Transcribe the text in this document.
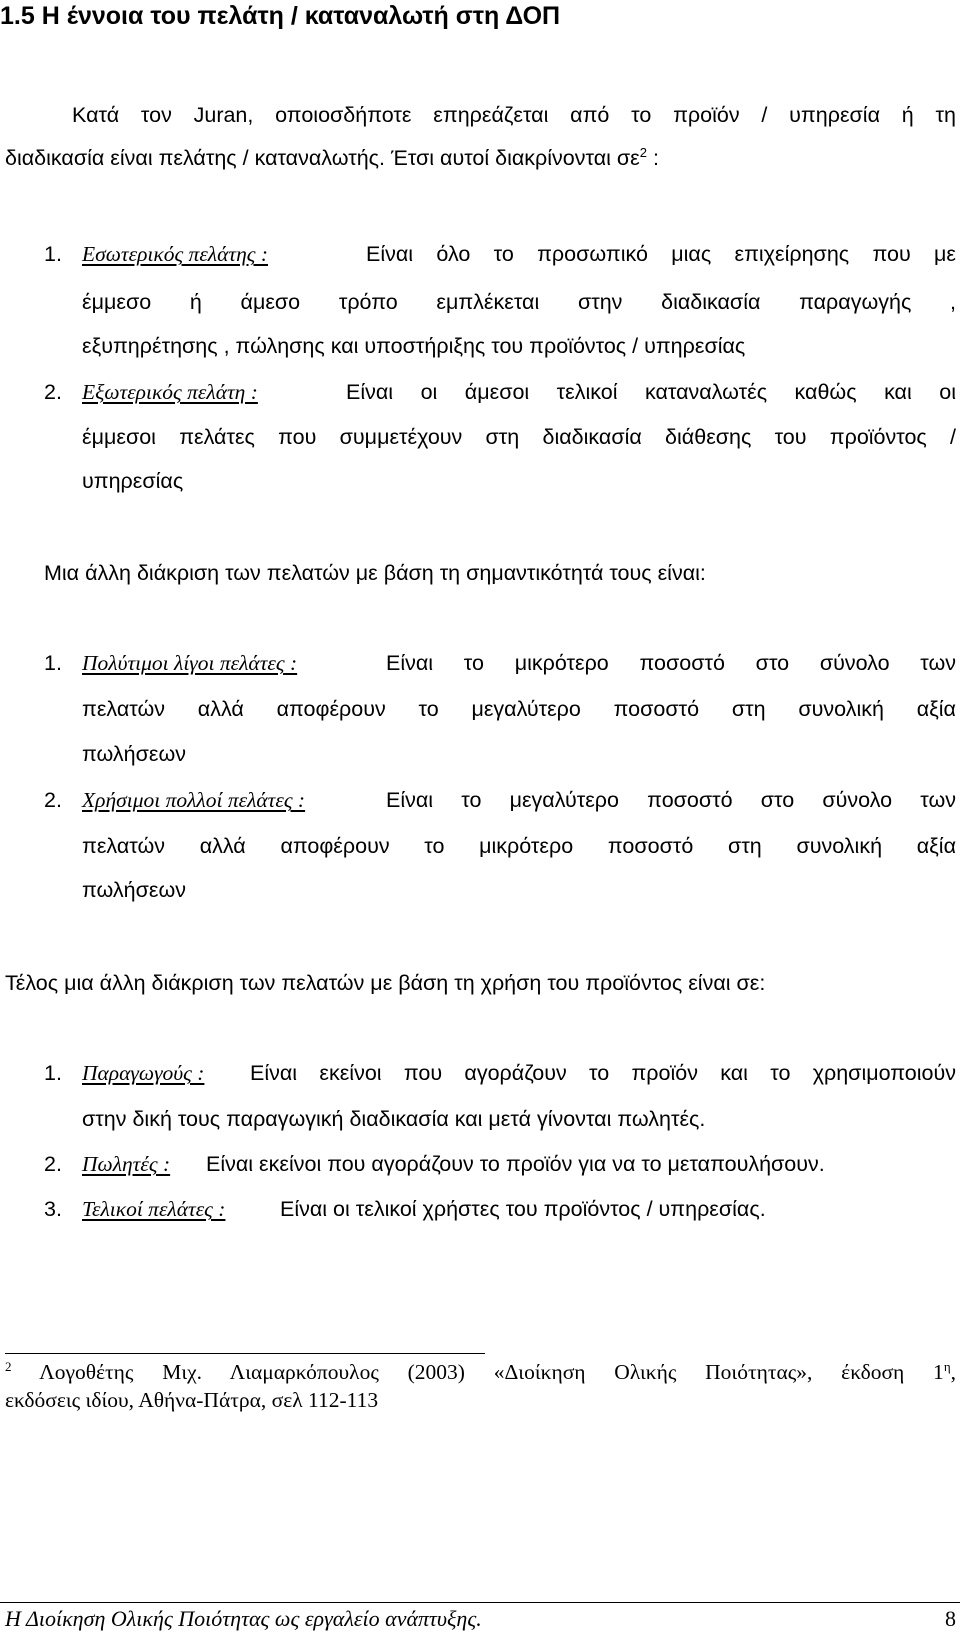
1.5 Η έννοια του πελάτη / καταναλωτή στη ΔΟΠ
Κατά τον Juran, οποιοσδήποτε επηρεάζεται από το προϊόν / υπηρεσία ή τη
διαδικασία είναι πελάτης / καταναλωτής. Έτσι αυτοί διακρίνονται $\sigma\varepsilon^2$ :
1. Εσωτερικός πελάτης :	Είναι όλο το προσωπικό μιας επιχείρησης που με
έμμεσο ή άμεσο τρόπο εμπλέκεται στην διαδικασία παραγωγής ,
εξυπηρέτησης , πώλησης και υποστήριξης του προϊόντος / υπηρεσίας
2. Εξωτερικός πελάτη :	Είναι οι άμεσοι τελικοί καταναλωτές καθώς και οι
έμμεσοι πελάτες που συμμετέχουν στη διαδικασία διάθεσης του προϊόντος /
υπηρεσίας
Μια άλλη διάκριση των πελατών με βάση τη σημαντικότητά τους είναι:
1. Πολύτιμοι λίγοι πελάτες :	Είναι το μικρότερο ποσοστό στο σύνολο των
πελατών αλλά αποφέρουν το μεγαλύτερο ποσοστό στη συνολική αξία
πωλήσεων
2. Χρήσιμοι πολλοί πελάτες :	Είναι το μεγαλύτερο ποσοστό στο σύνολο των
πελατών αλλά αποφέρουν το μικρότερο ποσοστό στη συνολική αξία
πωλήσεων
Τέλος μια άλλη διάκριση των πελατών με βάση τη χρήση του προϊόντος είναι σε:
1. Παραγωγούς : Είναι εκείνοι που αγοράζουν το προϊόν και το χρησιμοποιούν
στην δική τους παραγωγική διαδικασία και μετά γίνονται πωλητές.
2. Πωλητές : Είναι εκείνοι που αγοράζουν το προϊόν για να το μεταπουλήσουν.
3. Τελικοί πελάτες :	Είναι οι τελικοί χρήστες του προϊόντος / υπηρεσίας.
$^2$ Λογοθέτης Μιχ. Λιαμαρκόπουλος (2003) «Διοίκηση Ολικής Ποιότητας», έκδοση $1^\eta$,
εκδόσεις ιδίου, Αθήνα-Πάτρα, σελ 112-113
Η Διοίκηση Ολικής Ποιότητας ως εργαλείο ανάπτυξης.	8
